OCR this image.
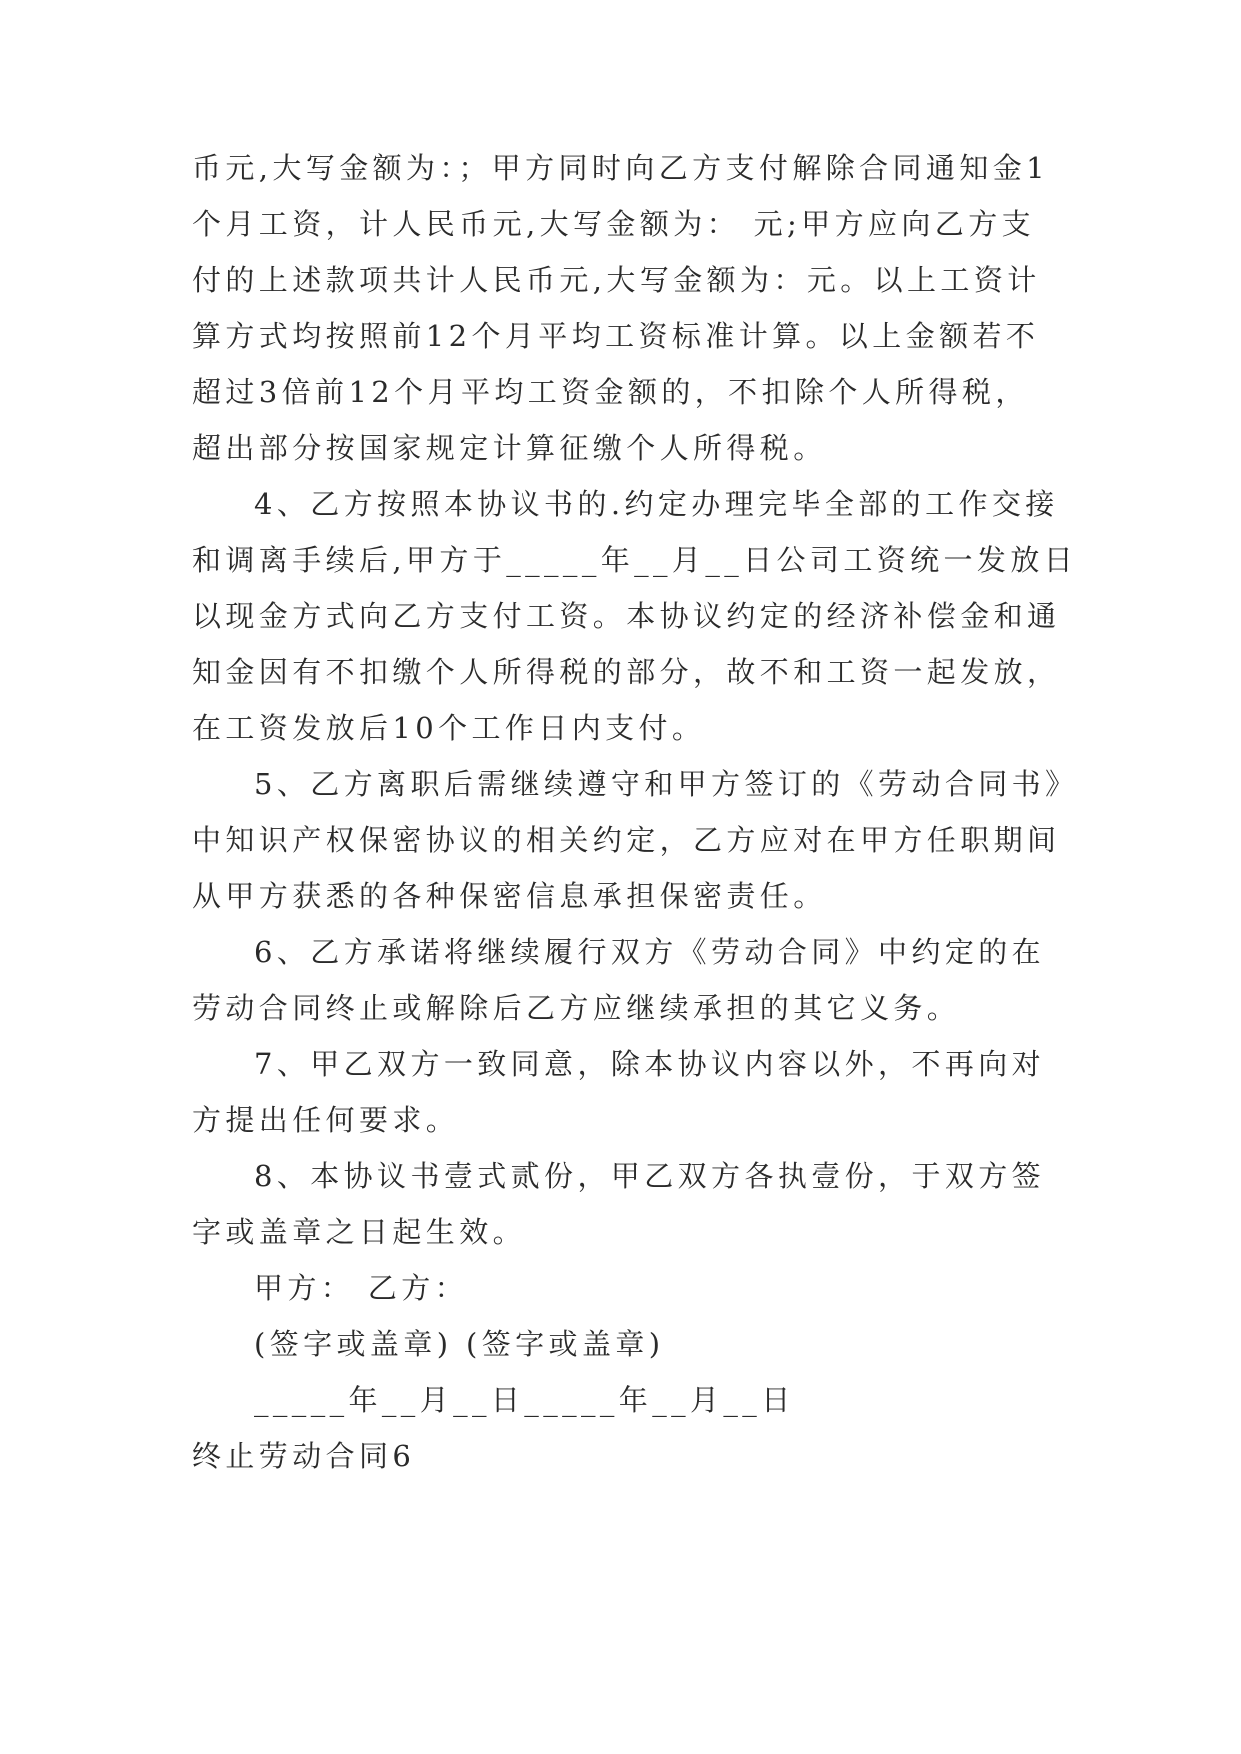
币元,大写金额为：；甲方同时向乙方支付解除合同通知金1
个月工资，计人民币元,大写金额为： 元;甲方应向乙方支
付的上述款项共计人民币元,大写金额为：元。以上工资计
算方式均按照前12个月平均工资标准计算。以上金额若不
超过3倍前12个月平均工资金额的，不扣除个人所得税，
超出部分按国家规定计算征缴个人所得税。
4、乙方按照本协议书的.约定办理完毕全部的工作交接
和调离手续后,甲方于_____年__月__日公司工资统一发放日
以现金方式向乙方支付工资。本协议约定的经济补偿金和通
知金因有不扣缴个人所得税的部分，故不和工资一起发放，
在工资发放后10个工作日内支付。
5、乙方离职后需继续遵守和甲方签订的《劳动合同书》
中知识产权保密协议的相关约定，乙方应对在甲方任职期间
从甲方获悉的各种保密信息承担保密责任。
6、乙方承诺将继续履行双方《劳动合同》中约定的在
劳动合同终止或解除后乙方应继续承担的其它义务。
7、甲乙双方一致同意，除本协议内容以外，不再向对
方提出任何要求。
8、本协议书壹式贰份，甲乙双方各执壹份，于双方签
字或盖章之日起生效。
甲方： 乙方：
(签字或盖章) (签字或盖章)
_____年__月__日_____年__月__日
终止劳动合同6
